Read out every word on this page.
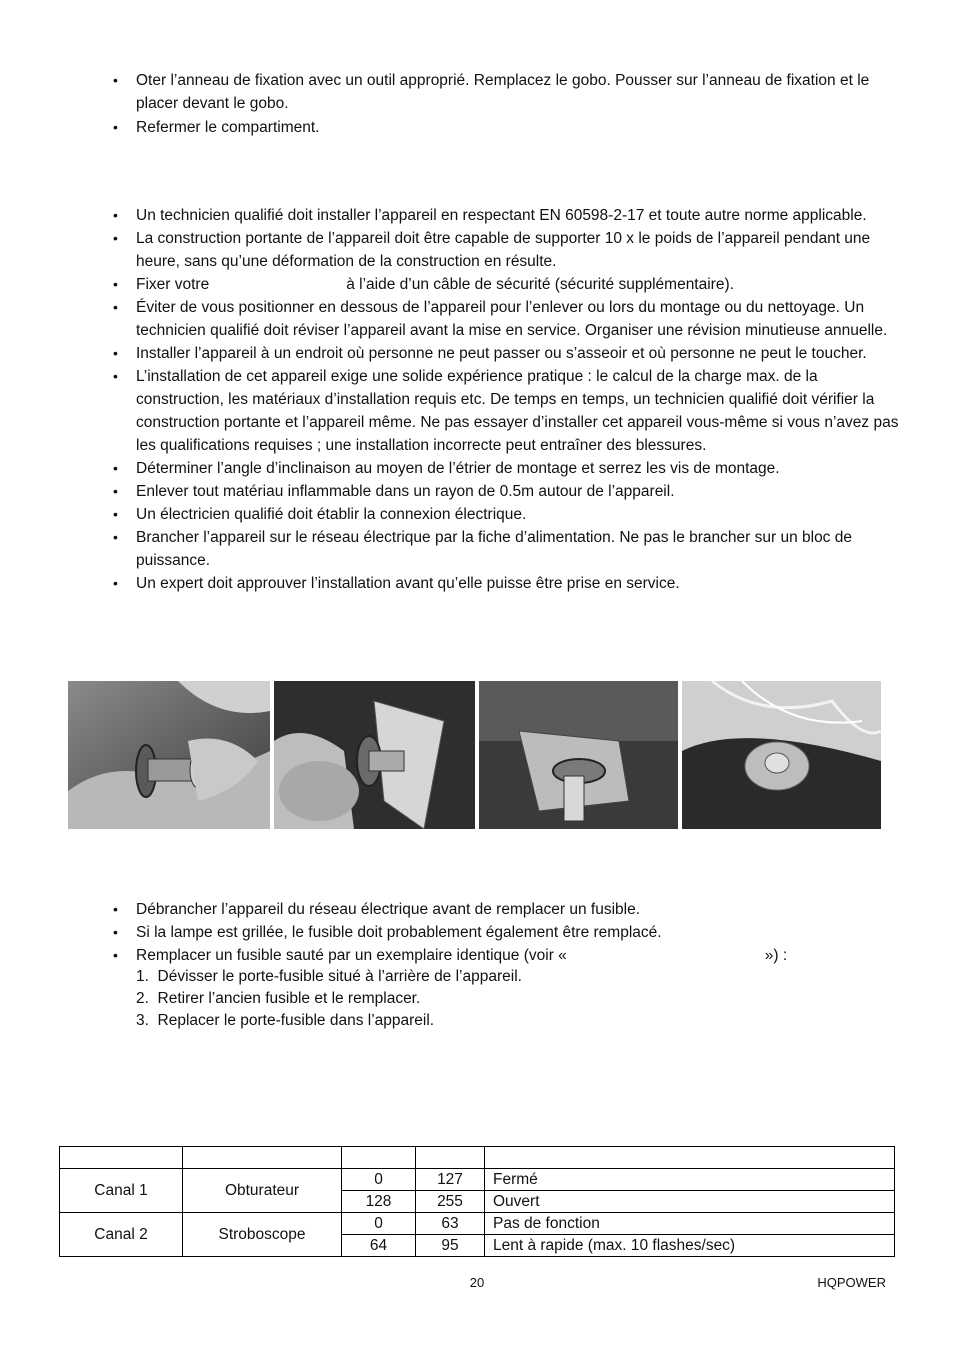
• Oter l’anneau de fixation avec un outil approprié. Remplacez le gobo. Pousser sur l’anneau de fixation et le placer devant le gobo.
• Refermer le compartiment.
• Un technicien qualifié doit installer l’appareil en respectant EN 60598-2-17 et toute autre norme applicable.
• La construction portante de l’appareil doit être capable de supporter 10 x le poids de l’appareil pendant une heure, sans qu’une déformation de la construction en résulte.
• Fixer votre	à l’aide d’un câble de sécurité (sécurité supplémentaire).
• Éviter de vous positionner en dessous de l’appareil pour l’enlever ou lors du montage ou du nettoyage. Un technicien qualifié doit réviser l’appareil avant la mise en service. Organiser une révision minutieuse annuelle.
• Installer l’appareil à un endroit où personne ne peut passer ou s’asseoir et où personne ne peut le toucher.
• L’installation de cet appareil exige une solide expérience pratique : le calcul de la charge max. de la construction, les matériaux d’installation requis etc. De temps en temps, un technicien qualifié doit vérifier la construction portante et l’appareil même. Ne pas essayer d’installer cet appareil vous-même si vous n’avez pas les qualifications requises ; une installation incorrecte peut entraîner des blessures.
• Déterminer l’angle d’inclinaison au moyen de l’étrier de montage et serrez les vis de montage.
• Enlever tout matériau inflammable dans un rayon de 0.5m autour de l’appareil.
• Un électricien qualifié doit établir la connexion électrique.
• Brancher l’appareil sur le réseau électrique par la fiche d’alimentation. Ne pas le brancher sur un bloc de puissance.
• Un expert doit approuver l’installation avant qu’elle puisse être prise en service.
• Débrancher l’appareil du réseau électrique avant de remplacer un fusible.
• Si la lampe est grillée, le fusible doit probablement également être remplacé.
• Remplacer un fusible sauté par un exemplaire identique (voir «	») :
1.  Dévisser le porte-fusible situé à l’arrière de l’appareil.
2.  Retirer l’ancien fusible et le remplacer.
3.  Replacer le porte-fusible dans l’appareil.

Canal 1	Obturateur	0	127	Fermé
		128	255	Ouvert
Canal 2	Stroboscope	0	63	Pas de fonction
		64	95	Lent à rapide (max. 10 flashes/sec)
20	HQPOWER
